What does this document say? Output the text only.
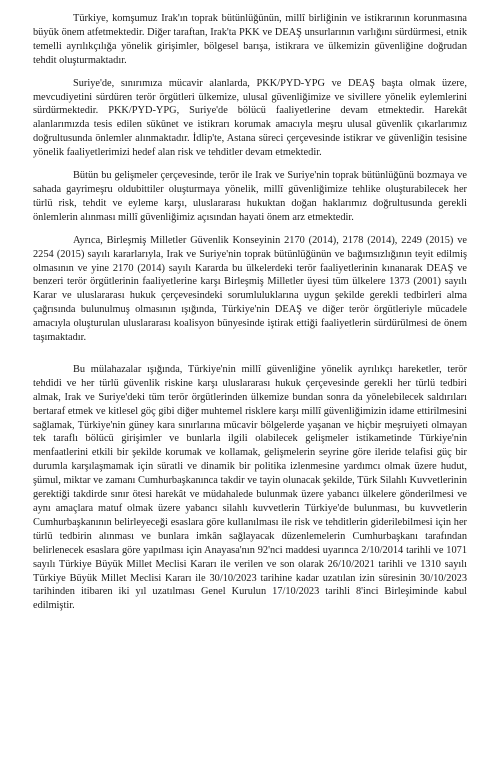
Türkiye, komşumuz Irak'ın toprak bütünlüğünün, millî birliğinin ve istikrarının korunmasına büyük önem atfetmektedir. Diğer taraftan, Irak'ta PKK ve DEAŞ unsurlarının varlığını sürdürmesi, etnik temelli ayrılıkçılığa yönelik girişimler, bölgesel barışa, istikrara ve ülkemizin güvenliğine doğrudan tehdit oluşturmaktadır.

Suriye'de, sınırımıza mücavir alanlarda, PKK/PYD-YPG ve DEAŞ başta olmak üzere, mevcudiyetini sürdüren terör örgütleri ülkemize, ulusal güvenliğimize ve sivillere yönelik eylemlerini sürdürmektedir. PKK/PYD-YPG, Suriye'de bölücü faaliyetlerine devam etmektedir. Harekât alanlarımızda tesis edilen sükûnet ve istikrarı korumak amacıyla meşru ulusal güvenlik çıkarlarımız doğrultusunda önlemler alınmaktadır. İdlip'te, Astana süreci çerçevesinde istikrar ve güvenliğin tesisine yönelik faaliyetlerimizi hedef alan risk ve tehditler devam etmektedir.

Bütün bu gelişmeler çerçevesinde, terör ile Irak ve Suriye'nin toprak bütünlüğünü bozmaya ve sahada gayrimeşru oldubittiler oluşturmaya yönelik, millî güvenliğimize tehlike oluşturabilecek her türlü risk, tehdit ve eyleme karşı, uluslararası hukuktan doğan haklarımız doğrultusunda gerekli önlemlerin alınması millî güvenliğimiz açısından hayati önem arz etmektedir.

Ayrıca, Birleşmiş Milletler Güvenlik Konseyinin 2170 (2014), 2178 (2014), 2249 (2015) ve 2254 (2015) sayılı kararlarıyla, Irak ve Suriye'nin toprak bütünlüğünün ve bağımsızlığının teyit edilmiş olmasının ve yine 2170 (2014) sayılı Kararda bu ülkelerdeki terör faaliyetlerinin kınanarak DEAŞ ve benzeri terör örgütlerinin faaliyetlerine karşı Birleşmiş Milletler üyesi tüm ülkelere 1373 (2001) sayılı Karar ve uluslararası hukuk çerçevesindeki sorumluluklarına uygun şekilde gerekli tedbirleri alma çağrısında bulunulmuş olmasının ışığında, Türkiye'nin DEAŞ ve diğer terör örgütleriyle mücadele amacıyla oluşturulan uluslararası koalisyon bünyesinde iştirak ettiği faaliyetlerin sürdürülmesi de önem taşımaktadır.

Bu mülahazalar ışığında, Türkiye'nin millî güvenliğine yönelik ayrılıkçı hareketler, terör tehdidi ve her türlü güvenlik riskine karşı uluslararası hukuk çerçevesinde gerekli her türlü tedbiri almak, Irak ve Suriye'deki tüm terör örgütlerinden ülkemize bundan sonra da yönelebilecek saldırıları bertaraf etmek ve kitlesel göç gibi diğer muhtemel risklere karşı millî güvenliğimizin idame ettirilmesini sağlamak, Türkiye'nin güney kara sınırlarına mücavir bölgelerde yaşanan ve hiçbir meşruiyeti olmayan tek taraflı bölücü girişimler ve bunlarla ilgili olabilecek gelişmeler istikametinde Türkiye'nin menfaatlerini etkili bir şekilde korumak ve kollamak, gelişmelerin seyrine göre ileride telafisi güç bir durumla karşılaşmamak için süratli ve dinamik bir politika izlenmesine yardımcı olmak üzere hudut, şümul, miktar ve zamanı Cumhurbaşkanınca takdir ve tayin olunacak şekilde, Türk Silahlı Kuvvetlerinin gerektiği takdirde sınır ötesi harekât ve müdahalede bulunmak üzere yabancı ülkelere gönderilmesi ve aynı amaçlara matuf olmak üzere yabancı silahlı kuvvetlerin Türkiye'de bulunması, bu kuvvetlerin Cumhurbaşkanının belirleyeceği esaslara göre kullanılması ile risk ve tehditlerin giderilebilmesi için her türlü tedbirin alınması ve bunlara imkân sağlayacak düzenlemelerin Cumhurbaşkanı tarafından belirlenecek esaslara göre yapılması için Anayasa'nın 92'nci maddesi uyarınca 2/10/2014 tarihli ve 1071 sayılı Türkiye Büyük Millet Meclisi Kararı ile verilen ve son olarak 26/10/2021 tarihli ve 1310 sayılı Türkiye Büyük Millet Meclisi Kararı ile 30/10/2023 tarihine kadar uzatılan izin süresinin 30/10/2023 tarihinden itibaren iki yıl uzatılması Genel Kurulun 17/10/2023 tarihli 8'inci Birleşiminde kabul edilmiştir.
